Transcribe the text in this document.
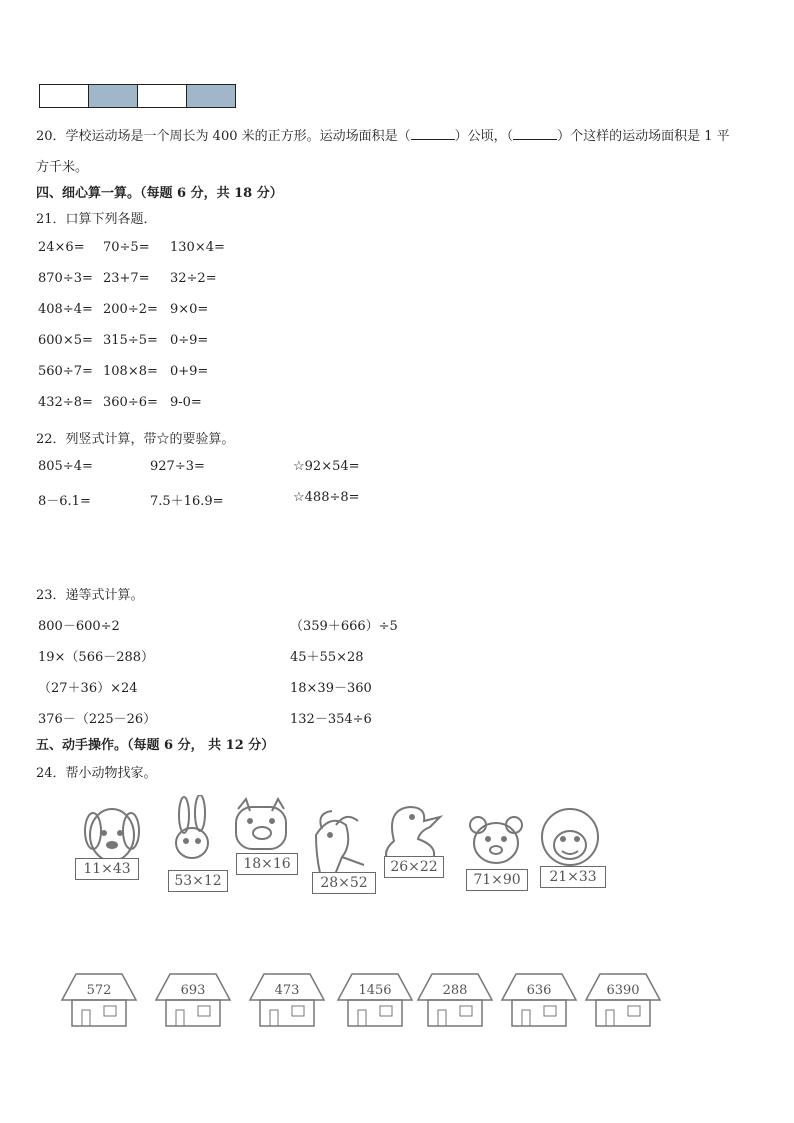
20．学校运动场是一个周长为 400 米的正方形。运动场面积是（	）公顷，（	）个这样的运动场面积是 1 平
方千米。
四、细心算一算。（每题 6 分，共 18 分）
21．口算下列各题．
24×6= 70÷5= 130×4=
870÷3= 23+7= 32÷2=
408÷4= 200÷2= 9×0=
600×5= 315÷5= 0÷9=
560÷7= 108×8= 0+9=
432÷8= 360÷6= 9-0=
22．列竖式计算，带☆的要验算。
805÷4=	927÷3=	☆92×54=
8－6.1=	7.5＋16.9=	☆488÷8=
23．递等式计算。
800－600÷2	（359＋666）÷5
19×（566－288）	45＋55×28
（27＋36）×24	18×39－360
376－（225－26）	132－354÷6
五、动手操作。（每题 6 分， 共 12 分）
24．帮小动物找家。
11×43
53×12
18×16
28×52
26×22
71×90	21×33
572	693	473	1456	288	636	6390
